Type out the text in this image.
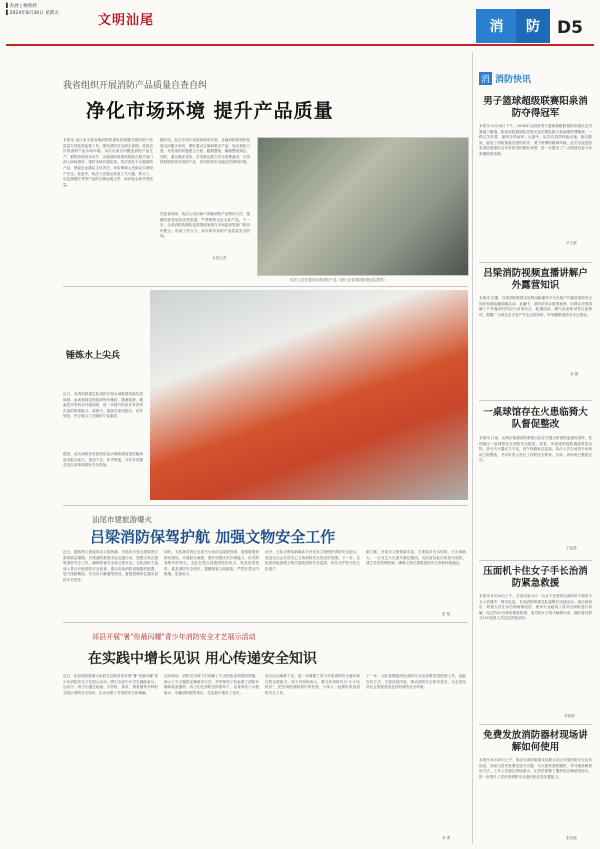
▌杏展 | 畅欣欣
▌2024年8月30日 星期五	文明汕尾	消	防	D5
我省组织开展消防产品质量自查自纠
净化市场环境 提升产品质量
本报讯 连日来全省各地消防救援队伍积极开展消防产品质量专项检查监督工作，强化消防安全源头管理，营造良好的消防产品市场环境。本次自查自纠覆盖消防产品生产、销售和使用各环节，各地消防救援机构联合相关部门深入商场超市、建材市场开展检查，依法查处不合格消防产品，督促企业落实主体责任，切实保障人民群众生命财产安全。检查中，执法人员重点检查了灭火器、防火门、应急照明灯具等产品的合格证明文件、标识标志和外观质量。
据介绍，此次专项行动将持续至年底。各地消防救援机构将以问题为导向，紧盯重点区域和重点产品，加大抽检力度，对发现的问题建立台账、限期整改，确保整改到位。同时，通过媒体宣传，引导群众树立安全消费意识，自觉抵制假冒伪劣消防产品，共同营造安全稳定的消防环境。
在检查现场，执法人员向商户讲解消防产品辨识方法，提醒经营者规范进货渠道，严禁销售无证无标产品。下一步，全省消防救援队伍将继续加强与市场监管等部门的协作配合，形成工作合力，切实筑牢消防产品质量安全防线。
本报记者
执法人员在超市检查消防产品（图片由省消防救援总队提供）
锤炼水上尖兵
近日，省消防救援总队组织开展水域救援技能实战演练，参训指战员围绕冲锋舟操控、激流救援、绳索技术等科目开展训练，进一步提升队伍应对洪涝灾害的救援能力。演练中，指战员密切配合、动作规范，充分展示了过硬的专业素质。
据悉，此次演练旨在检验队伍水域救援装备性能和战术配合能力，查找不足，补齐短板，为应对汛期各类灾害事故做好充分准备。
汕尾市建旅游爆火
吕梁消防保驾护航 加强文物安全工作
近日，随着热门游戏带动文旅热潮，吕梁市多处古建筑景区游客数量激增。吕梁消防救援支队迅速行动，加强文物古建筑消防安全工作，确保游客安全和文物安全。支队组织力量深入景区开展消防安全检查，重点检查消防设施器材配置、电气线路敷设、安全出口畅通等情况，督促管理单位落实消防安全责任。
同时，支队指导景区完善灭火和应急疏散预案，加强微型消防站建设，开展联合演练，提升初期火灾扑救能力。针对游客集中的特点，支队在景区设置消防宣传点，发放宣传资料，普及消防安全知识，提醒游客文明游览，严禁在景区内吸烟、违规用火。
此外，支队还利用新媒体平台发布文物保护消防安全提示，营造全社会共同关心文物消防安全的良好氛围。下一步，支队将持续加强文物古建筑消防安全监管，切实守护好历史文化遗产。
据了解，吕梁市文物资源丰富，古建筑多为木结构，火灾荷载大，一旦发生火灾损失难以挽回。支队将以此次检查为契机，建立长效管理机制，确保文物古建筑消防安全形势持续稳定。
张 韬
祁县开展"暑"你最闪耀"青少年消防安全才艺展示活动
在实践中增长见识 用心传递安全知识
近日，祁县消防救援大队联合县教育局开展"暑"你最闪耀"青少年消防安全才艺展示活动，吸引全县中小学生踊跃参与。活动中，孩子们通过绘画、手抄报、演讲、情景剧等多种形式展示消防安全知识，生动诠释了对消防安全的理解。
活动现场，消防员为孩子们讲解了火灾的危害和预防措施，演示了灭火器的正确使用方法，并带领孩子们参观了消防车辆和装备器材。孩子们在消防员的指导下，亲身体验了水枪射水、穿戴消防服等项目，在实践中增长了见识。
此次活动寓教于乐，进一步增强了青少年的消防安全意识和自防自救能力。孩子们纷纷表示，要当好消防安全"小小宣传员"，把学到的消防知识带回家，与家人一起做好家庭消防安全工作。
下一步，大队将继续深化消防安全宣传教育进校园工作，创新宣传方式，丰富宣传内容，推动消防安全知识普及，为全县经济社会发展营造良好的消防安全环境。
李 曹
消 消防快讯
男子篮球超级联赛阳泉消防夺得冠军
本报讯 8月24日下午，2024年山西省男子篮球超级联赛阳泉赛区总决赛落下帷幕。阳泉消防篮球队凭借出色的团队配合和顽强拼搏精神，一路过关斩将，最终夺得冠军。比赛中，队员们攻防转换迅速，配合默契，展现了消防指战员团结协作、勇于拼搏的精神风貌。此次夺冠是阳泉消防篮球队近年来取得的最好成绩，进一步激发了广大指战员参与体育锻炼的热情。
尹文强
吕梁消防视频直播讲解户外露营知识
本报讯 近期，吕梁消防救援支队利用新媒体平台开展户外露营消防安全知识视频直播讲解活动。直播中，消防员结合典型案例，向网友详细讲解了户外露营时的用火用电安全、帐篷选址、燃气设备使用等注意事项，提醒广大网友在享受户外生活的同时，时刻绷紧消防安全这根弦。
高 娟
一桌球馆存在火患临猗大队督促整改
本报讯 日前，运城市临猗消防救援大队在开展日常消防监督检查时，发现辖区一桌球馆存在消防安全隐患。经查，该桌球馆疏散通道堆放杂物，部分灭火器压力不足，电气线路私拉乱接。执法人员当场责令该场所立即整改，并对负责人进行了消防安全教育。目前，该场所已整改完毕。
王晶晶
压面机卡住女子手长治消防紧急救援
本报讯 8月26日上午，长治市某小区一名女子在使用压面机时不慎将手卡入机器中，情况危急。长治消防救援支队接警后迅速出动。到达现场后，救援人员在评估现场情况后，使用专业破拆工具对压面机进行拆解，经过约20分钟的紧张救援，成功将女子的手解救出来，随后将其移交120急救人员送往医院治疗。
李莉娟
免费发放消防器材现场讲解如何使用
本报讯 8月28日上午，临汾市消防救援支队联合社区开展消防安全宣传活动，现场为居民免费发放灭火器、灭火毯等消防器材，并详细讲解使用方法。工作人员通过现场演示，让居民掌握了器材的正确使用技巧，进一步提升了居民的消防安全意识和应急处置能力。
张佳楠
